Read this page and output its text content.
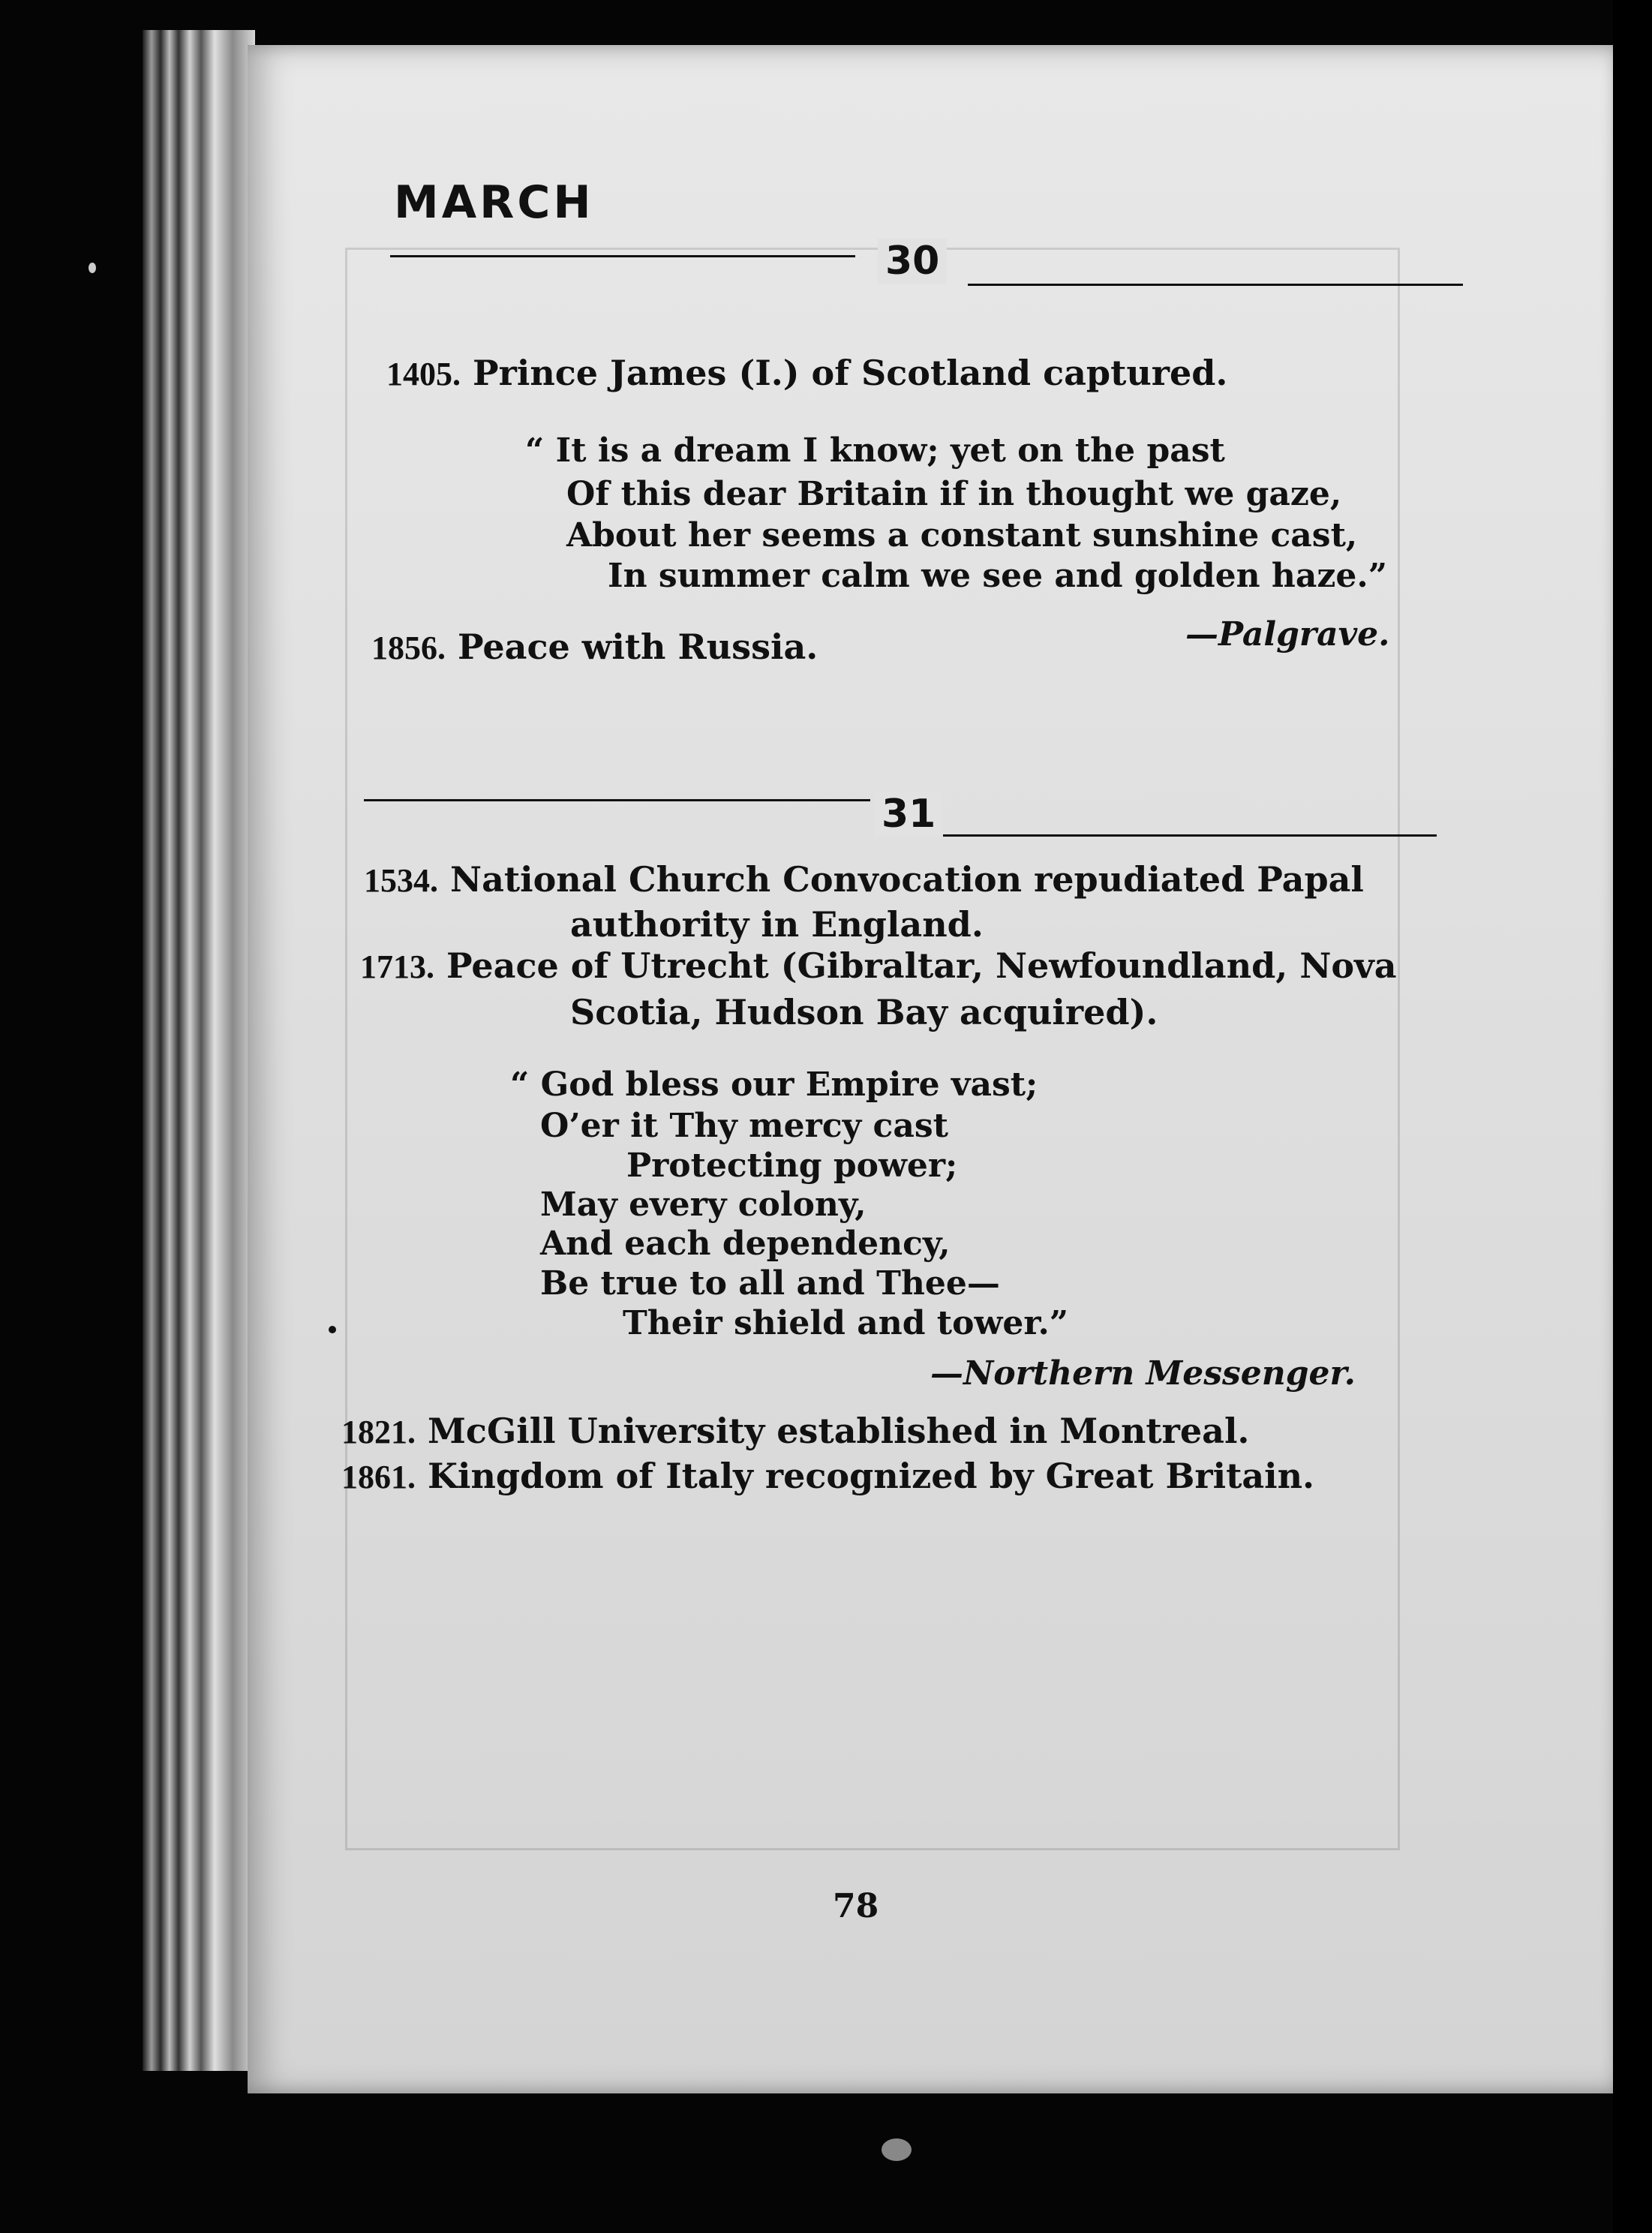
MARCH
30
1405. Prince James (I.) of Scotland captured.
“ It is a dream I know; yet on the past
Of this dear Britain if in thought we gaze,
About her seems a constant sunshine cast,
In summer calm we see and golden haze.”
—Palgrave.
1856. Peace with Russia.
31
1534. National Church Convocation repudiated Papal
authority in England.
1713. Peace of Utrecht (Gibraltar, Newfoundland, Nova
Scotia, Hudson Bay acquired).
“ God bless our Empire vast;
O’er it Thy mercy cast
Protecting power;
May every colony,
And each dependency,
Be true to all and Thee—
Their shield and tower.”
—Northern Messenger.
1821. McGill University established in Montreal.
1861. Kingdom of Italy recognized by Great Britain.
78
